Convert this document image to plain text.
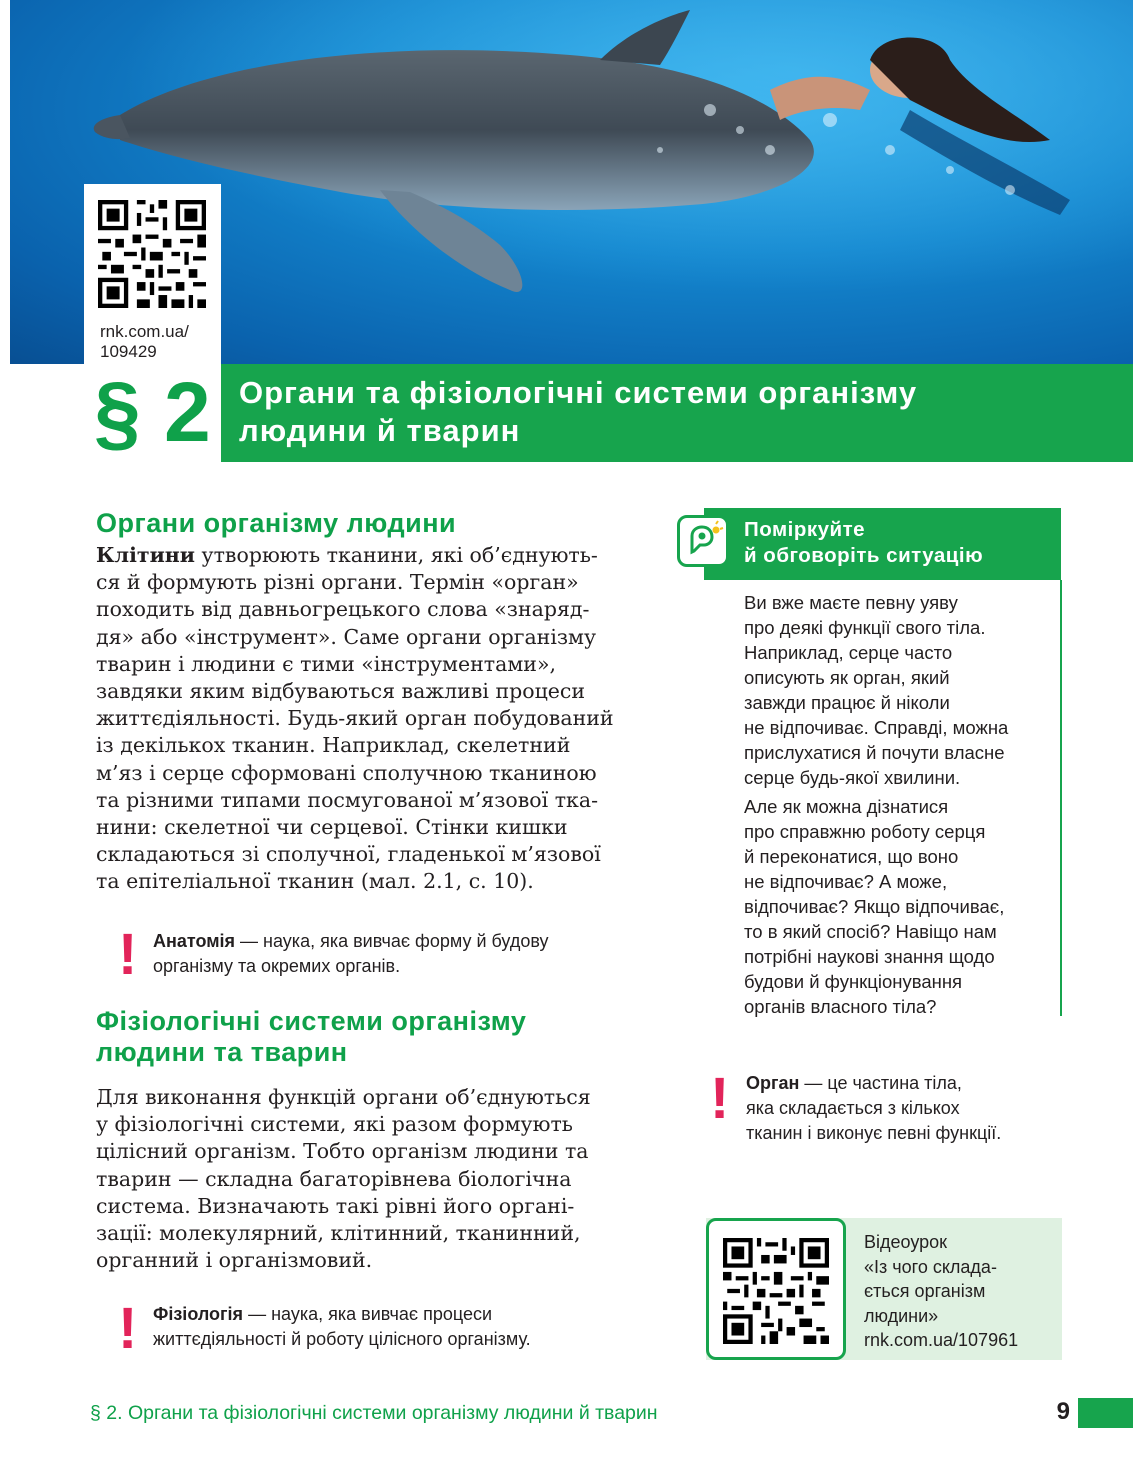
rnk.com.ua/
109429
§ 2 Органи та фізіологічні системи організму
людини й тварин
Органи організму людини
Клітини утворюють тканини, які об’єднують-
ся й формують різні органи. Термін «орган»
походить від давньогрецького слова «знаряд-
дя» або «інструмент». Саме органи організму
тварин і людини є тими «інструментами»,
завдяки яким відбуваються важливі процеси
життєдіяльності. Будь-який орган побудований
із декількох тканин. Наприклад, скелетний
м’яз і серце сформовані сполучною тканиною
та різними типами посмугованої м’язової тка-
нини: скелетної чи серцевої. Стінки кишки
складаються зі сполучної, гладенької м’язової
та епітеліальної тканин (мал. 2.1, с. 10).
! Анатомія — наука, яка вивчає форму й будову
організму та окремих органів.
Фізіологічні системи організму
людини та тварин
Для виконання функцій органи об’єднуються
у фізіологічні системи, які разом формують
цілісний організм. Тобто організм людини та
тварин — складна багаторівнева біологічна
система. Визначають такі рівні його органі-
зації: молекулярний, клітинний, тканинний,
органний і організмовий.
! Фізіологія — наука, яка вивчає процеси
життєдіяльності й роботу цілісного організму.
Поміркуйте
й обговоріть ситуацію
Ви вже маєте певну уяву
про деякі функції свого тіла.
Наприклад, серце часто
описують як орган, який
завжди працює й ніколи
не відпочиває. Справді, можна
прислухатися й почути власне
серце будь-якої хвилини.
Але як можна дізнатися
про справжню роботу серця
й переконатися, що воно
не відпочиває? А може,
відпочиває? Якщо відпочиває,
то в який спосіб? Навіщо нам
потрібні наукові знання щодо
будови й функціонування
органів власного тіла?
! Орган — це частина тіла,
яка складається з кількох
тканин і виконує певні функції.
Відеоурок
«Із чого склада-
ється організм
людини»
rnk.com.ua/107961
§ 2. Органи та фізіологічні системи організму людини й тварин	9
